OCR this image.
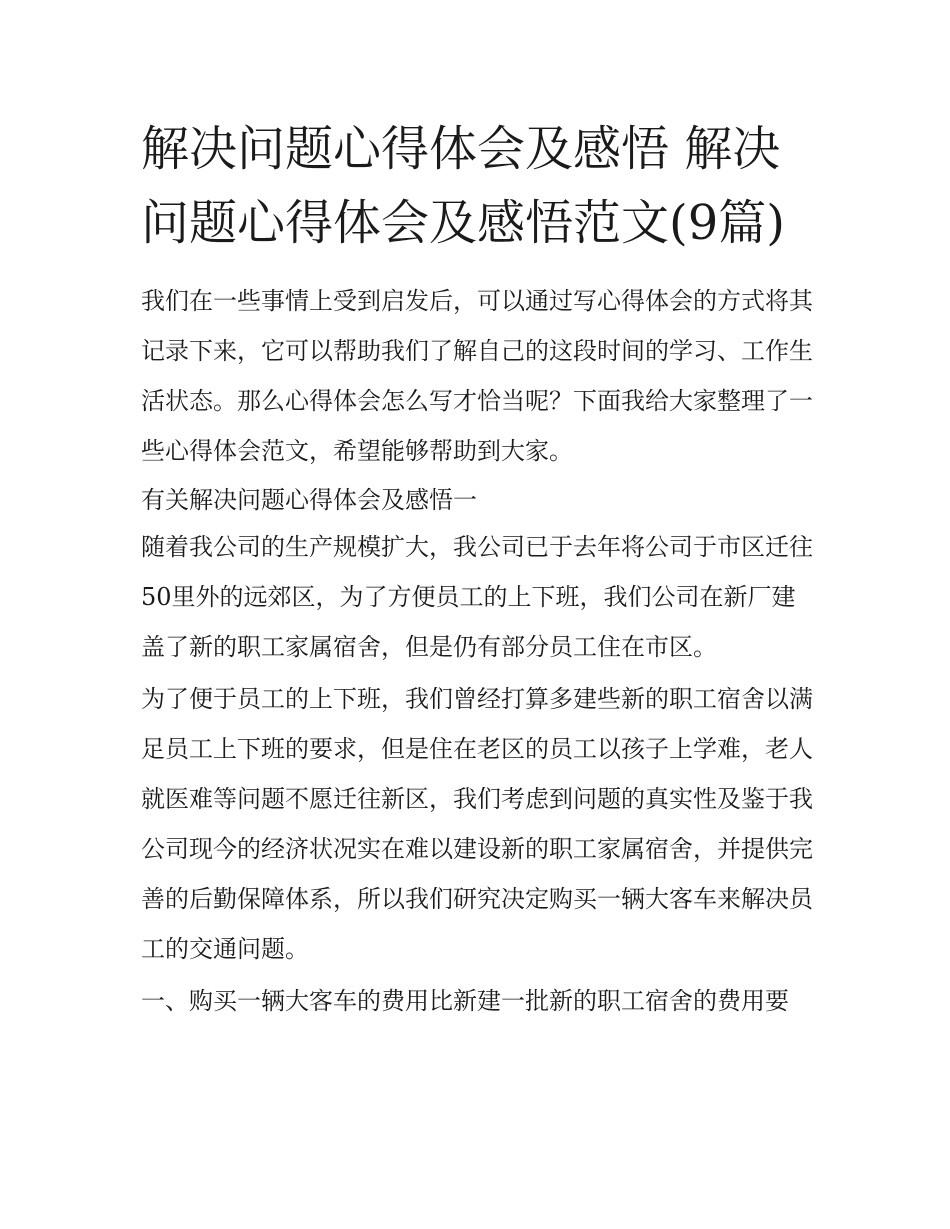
解决问题心得体会及感悟 解决问题心得体会及感悟范文(9篇)

我们在一些事情上受到启发后，可以通过写心得体会的方式将其记录下来，它可以帮助我们了解自己的这段时间的学习、工作生活状态。那么心得体会怎么写才恰当呢？下面我给大家整理了一些心得体会范文，希望能够帮助到大家。

有关解决问题心得体会及感悟一

随着我公司的生产规模扩大，我公司已于去年将公司于市区迁往50里外的远郊区，为了方便员工的上下班，我们公司在新厂建盖了新的职工家属宿舍，但是仍有部分员工住在市区。

为了便于员工的上下班，我们曾经打算多建些新的职工宿舍以满足员工上下班的要求，但是住在老区的员工以孩子上学难，老人就医难等问题不愿迁往新区，我们考虑到问题的真实性及鉴于我公司现今的经济状况实在难以建设新的职工家属宿舍，并提供完善的后勤保障体系，所以我们研究决定购买一辆大客车来解决员工的交通问题。

一、购买一辆大客车的费用比新建一批新的职工宿舍的费用要
